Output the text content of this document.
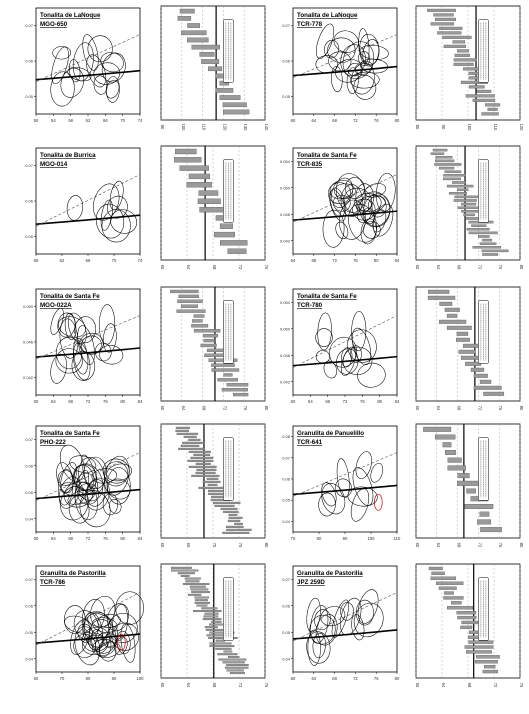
Tonalita de LaNoque
MGO-650
50	54	58	62	66	70	74
0.05
0.06
0.07
90	100	110	120	130	140
Tonalita de LaNoque
TCR-778
60	64	68	72	76	80
0.05
0.06
0.07
80	90	100	110	120
Tonalita de Burrica
MGO-014
58	62	66	70	74
0.05
0.06
0.07
60	64	68	72	76
Tonalita de Santa Fe
TCR-835
64	68	72	76	80	84
0.042
0.046
0.050
0.054
60	64	68	72	76	80
Tonalita de Santa Fe
MGO-022A
60	64	68	72	76	80	84
0.042
0.046
0.050
60	64	68	72	76	80
Tonalita de Santa Fe
TCR-780
60	64	68	72	76	80	84
0.042
0.046
0.050
0.054
60	64	68	72	76	80
Tonalita de Santa Fe
PHO-222
60	64	68	72	76	80	84
0.04
0.05
0.06
0.07
60	65	70	75	80
Granulita de Panuelillo
TCR-641
70	80	90	100	110
0.04
0.05
0.06
0.07
0.08
60	64	68	72	76	80
Granulita de Pastorilla
TCR-786
60	70	80	90	100
0.04
0.05
0.06
0.07
60	64	68	72	76
Granulita de Pastorilla
JPZ 259D
60	64	68	72	76	80
0.04
0.05
0.06
0.07
60	64	68	72	76
